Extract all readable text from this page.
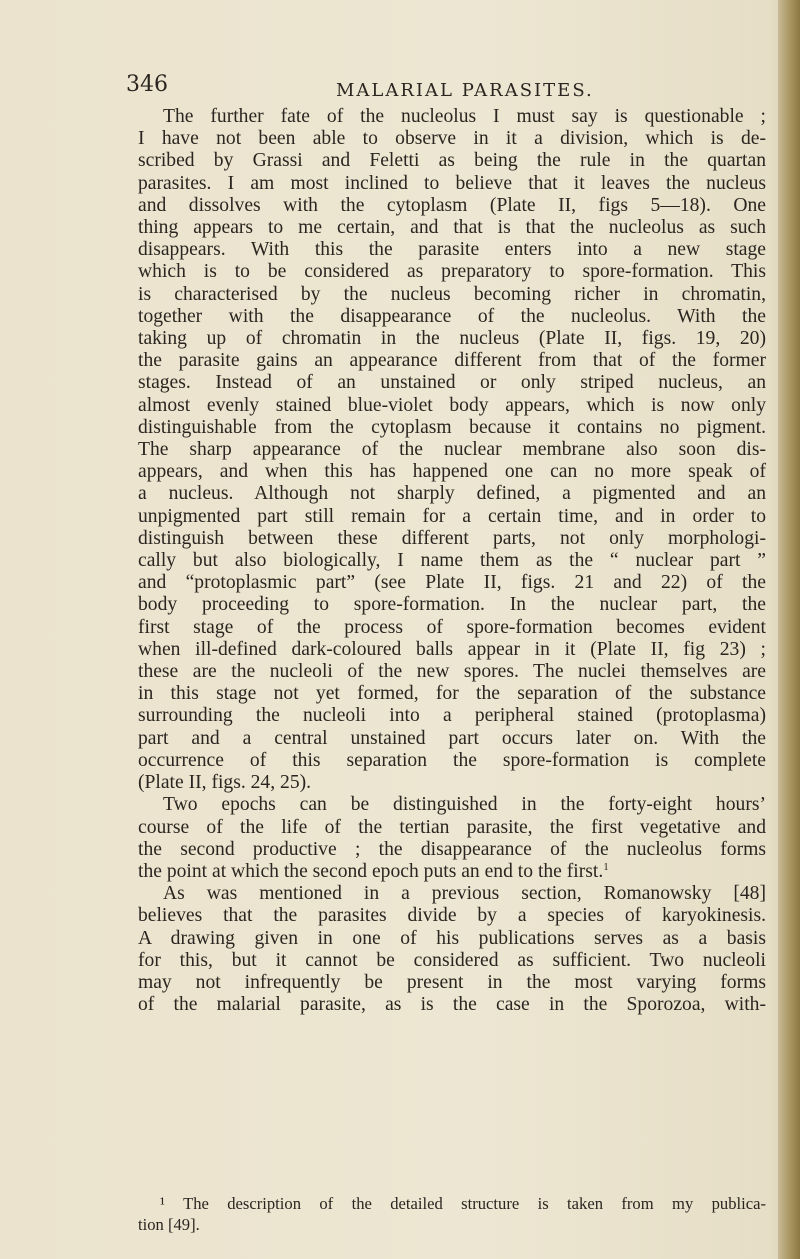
346	MALARIAL PARASITES.
The further fate of the nucleolus I must say is questionable ;
I have not been able to observe in it a division, which is de-
scribed by Grassi and Feletti as being the rule in the quartan
parasites. I am most inclined to believe that it leaves the nucleus
and dissolves with the cytoplasm (Plate II, figs 5—18). One
thing appears to me certain, and that is that the nucleolus as such
disappears. With this the parasite enters into a new stage
which is to be considered as preparatory to spore-formation. This
is characterised by the nucleus becoming richer in chromatin,
together with the disappearance of the nucleolus. With the
taking up of chromatin in the nucleus (Plate II, figs. 19, 20)
the parasite gains an appearance different from that of the former
stages. Instead of an unstained or only striped nucleus, an
almost evenly stained blue-violet body appears, which is now only
distinguishable from the cytoplasm because it contains no pigment.
The sharp appearance of the nuclear membrane also soon dis-
appears, and when this has happened one can no more speak of
a nucleus. Although not sharply defined, a pigmented and an
unpigmented part still remain for a certain time, and in order to
distinguish between these different parts, not only morphologi-
cally but also biologically, I name them as the “ nuclear part ”
and “protoplasmic part” (see Plate II, figs. 21 and 22) of the
body proceeding to spore-formation. In the nuclear part, the
first stage of the process of spore-formation becomes evident
when ill-defined dark-coloured balls appear in it (Plate II, fig 23) ;
these are the nucleoli of the new spores. The nuclei themselves are
in this stage not yet formed, for the separation of the substance
surrounding the nucleoli into a peripheral stained (protoplasma)
part and a central unstained part occurs later on. With the
occurrence of this separation the spore-formation is complete
(Plate II, figs. 24, 25).
Two epochs can be distinguished in the forty-eight hours’
course of the life of the tertian parasite, the first vegetative and
the second productive ; the disappearance of the nucleolus forms
the point at which the second epoch puts an end to the first.$^1$
As was mentioned in a previous section, Romanowsky [48]
believes that the parasites divide by a species of karyokinesis.
A drawing given in one of his publications serves as a basis
for this, but it cannot be considered as sufficient. Two nucleoli
may not infrequently be present in the most varying forms
of the malarial parasite, as is the case in the Sporozoa, with-
¹ The description of the detailed structure is taken from my publica-
tion [49].
